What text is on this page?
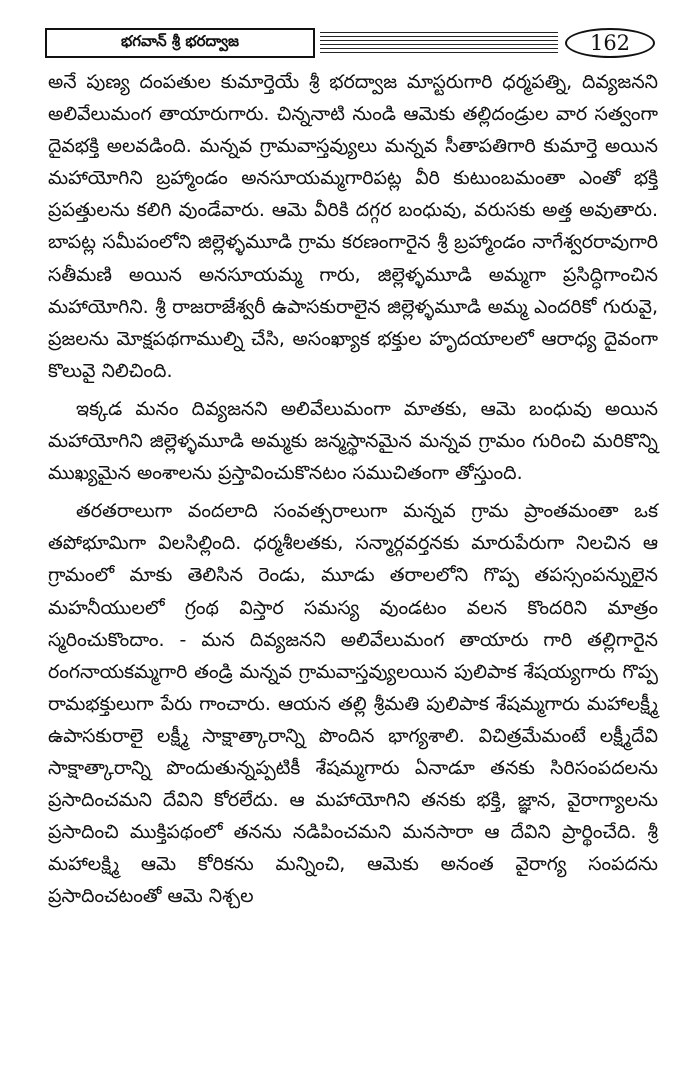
భగవాన్ శ్రీ భరద్వాజ	162

అనే పుణ్య దంపతుల కుమార్తెయే శ్రీ భరద్వాజ మాస్టరుగారి ధర్మపత్ని, దివ్యజనని అలివేలుమంగ తాయారుగారు. చిన్ననాటి నుండి ఆమెకు తల్లిదండ్రుల వార సత్వంగా దైవభక్తి అలవడింది. మన్నవ గ్రామవాస్తవ్యులు మన్నవ సీతాపతిగారి కుమార్తె అయిన మహాయోగిని బ్రహ్మాండం అనసూయమ్మగారిపట్ల వీరి కుటుంబమంతా ఎంతో భక్తి ప్రపత్తులను కలిగి వుండేవారు. ఆమె వీరికి దగ్గర బంధువు, వరుసకు అత్త అవుతారు. బాపట్ల సమీపంలోని జిల్లెళ్ళమూడి గ్రామ కరణంగారైన శ్రీ బ్రహ్మాండం నాగేశ్వరరావుగారి సతీమణి అయిన అనసూయమ్మ గారు, జిల్లెళ్ళమూడి అమ్మగా ప్రసిద్ధిగాంచిన మహాయోగిని. శ్రీ రాజరాజేశ్వరీ ఉపాసకురాలైన జిల్లెళ్ళమూడి అమ్మ ఎందరికో గురువై, ప్రజలను మోక్షపథగాముల్ని చేసి, అసంఖ్యాక భక్తుల హృదయాలలో ఆరాధ్య దైవంగా కొలువై నిలిచింది.

ఇక్కడ మనం దివ్యజనని అలివేలుమంగా మాతకు, ఆమె బంధువు అయిన మహాయోగిని జిల్లెళ్ళమూడి అమ్మకు జన్మస్థానమైన మన్నవ గ్రామం గురించి మరికొన్ని ముఖ్యమైన అంశాలను ప్రస్తావించుకొనటం సముచితంగా తోస్తుంది.

తరతరాలుగా వందలాది సంవత్సరాలుగా మన్నవ గ్రామ ప్రాంతమంతా ఒక తపోభూమిగా విలసిల్లింది. ధర్మశీలతకు, సన్మార్గవర్తనకు మారుపేరుగా నిలచిన ఆ గ్రామంలో మాకు తెలిసిన రెండు, మూడు తరాలలోని గొప్ప తపస్సంపన్నులైన మహనీయులలో గ్రంథ విస్తార సమస్య వుండటం వలన కొందరిని మాత్రం స్మరించుకొందాం. - మన దివ్యజనని అలివేలుమంగ తాయారు గారి తల్లిగారైన రంగనాయకమ్మగారి తండ్రి మన్నవ గ్రామవాస్తవ్యులయిన పులిపాక శేషయ్యగారు గొప్ప రామభక్తులుగా పేరు గాంచారు. ఆయన తల్లి శ్రీమతి పులిపాక శేషమ్మగారు మహాలక్ష్మీ ఉపాసకురాలై లక్ష్మీ సాక్షాత్కారాన్ని పొందిన భాగ్యశాలి. విచిత్రమేమంటే లక్ష్మీదేవి సాక్షాత్కారాన్ని పొందుతున్నప్పటికీ శేషమ్మగారు ఏనాడూ తనకు సిరిసంపదలను ప్రసాదించమని దేవిని కోరలేదు. ఆ మహాయోగిని తనకు భక్తి, జ్ఞాన, వైరాగ్యాలను ప్రసాదించి ముక్తిపథంలో తనను నడిపించమని మనసారా ఆ దేవిని ప్రార్థించేది. శ్రీ మహాలక్ష్మి ఆమె కోరికను మన్నించి, ఆమెకు అనంత వైరాగ్య సంపదను ప్రసాదించటంతో ఆమె నిశ్చల
